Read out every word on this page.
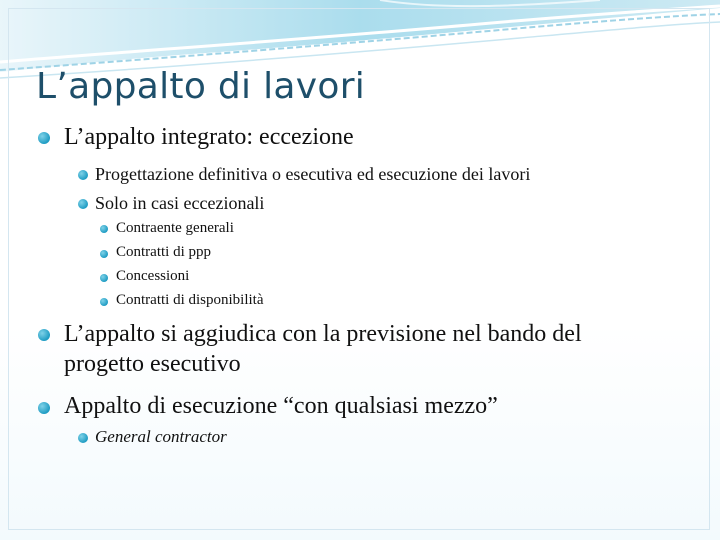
L’appalto di lavori
L’appalto integrato: eccezione
Progettazione definitiva o esecutiva ed esecuzione dei lavori
Solo in casi eccezionali
Contraente generali
Contratti di ppp
Concessioni
Contratti di disponibilità
L’appalto si aggiudica con la previsione nel bando del
progetto esecutivo
Appalto di esecuzione “con qualsiasi mezzo”
General contractor
